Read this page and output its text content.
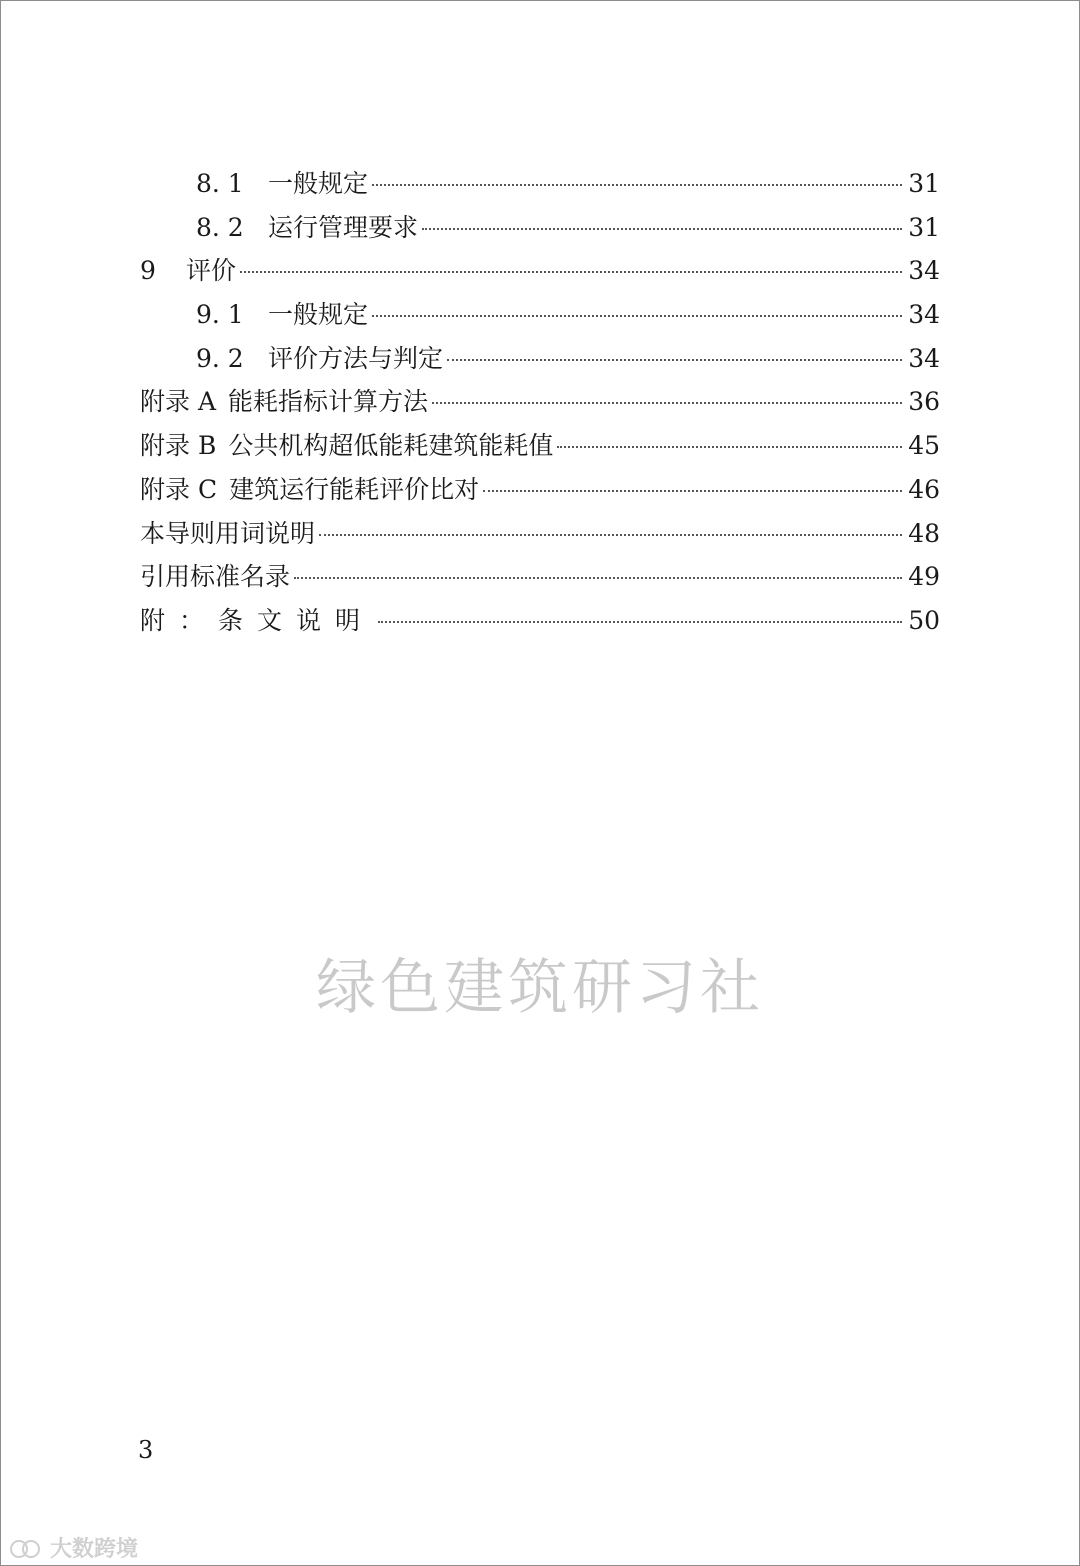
8. 1 一般规定	31
8. 2 运行管理要求	31
9	评价	34
9. 1 一般规定	34
9. 2 评价方法与判定	34
附录 A 能耗指标计算方法	36
附录 B 公共机构超低能耗建筑能耗值	45
附录 C 建筑运行能耗评价比对	46
本导则用词说明	48
引用标准名录	49
附：条文说明	50
绿色建筑研习社
3
大数跨境
